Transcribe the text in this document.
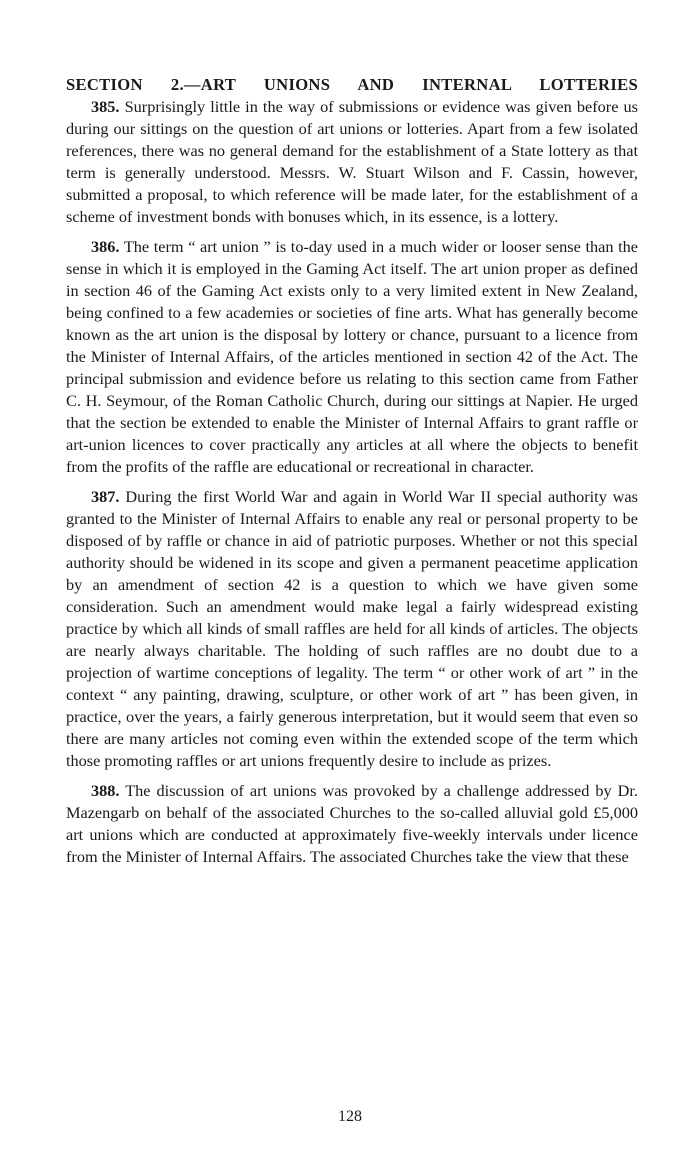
SECTION 2.—ART UNIONS AND INTERNAL LOTTERIES

385. Surprisingly little in the way of submissions or evidence was given before us during our sittings on the question of art unions or lotteries. Apart from a few isolated references, there was no general demand for the establishment of a State lottery as that term is generally understood. Messrs. W. Stuart Wilson and F. Cassin, however, submitted a proposal, to which reference will be made later, for the establishment of a scheme of investment bonds with bonuses which, in its essence, is a lottery.

386. The term “ art union ” is to-day used in a much wider or looser sense than the sense in which it is employed in the Gaming Act itself. The art union proper as defined in section 46 of the Gaming Act exists only to a very limited extent in New Zealand, being confined to a few academies or societies of fine arts. What has generally become known as the art union is the disposal by lottery or chance, pursuant to a licence from the Minister of Internal Affairs, of the articles mentioned in section 42 of the Act. The principal submission and evidence before us relating to this section came from Father C. H. Seymour, of the Roman Catholic Church, during our sittings at Napier. He urged that the section be extended to enable the Minister of Internal Affairs to grant raffle or art-union licences to cover practically any articles at all where the objects to benefit from the profits of the raffle are educational or recreational in character.

387. During the first World War and again in World War II special authority was granted to the Minister of Internal Affairs to enable any real or personal property to be disposed of by raffle or chance in aid of patriotic purposes. Whether or not this special authority should be widened in its scope and given a permanent peacetime application by an amendment of section 42 is a question to which we have given some consideration. Such an amendment would make legal a fairly widespread existing practice by which all kinds of small raffles are held for all kinds of articles. The objects are nearly always charitable. The holding of such raffles are no doubt due to a projection of wartime conceptions of legality. The term “ or other work of art ” in the context “ any painting, drawing, sculpture, or other work of art ” has been given, in practice, over the years, a fairly generous interpretation, but it would seem that even so there are many articles not coming even within the extended scope of the term which those promoting raffles or art unions frequently desire to include as prizes.

388. The discussion of art unions was provoked by a challenge addressed by Dr. Mazengarb on behalf of the associated Churches to the so-called alluvial gold £5,000 art unions which are conducted at approximately five-weekly intervals under licence from the Minister of Internal Affairs. The associated Churches take the view that these

128
